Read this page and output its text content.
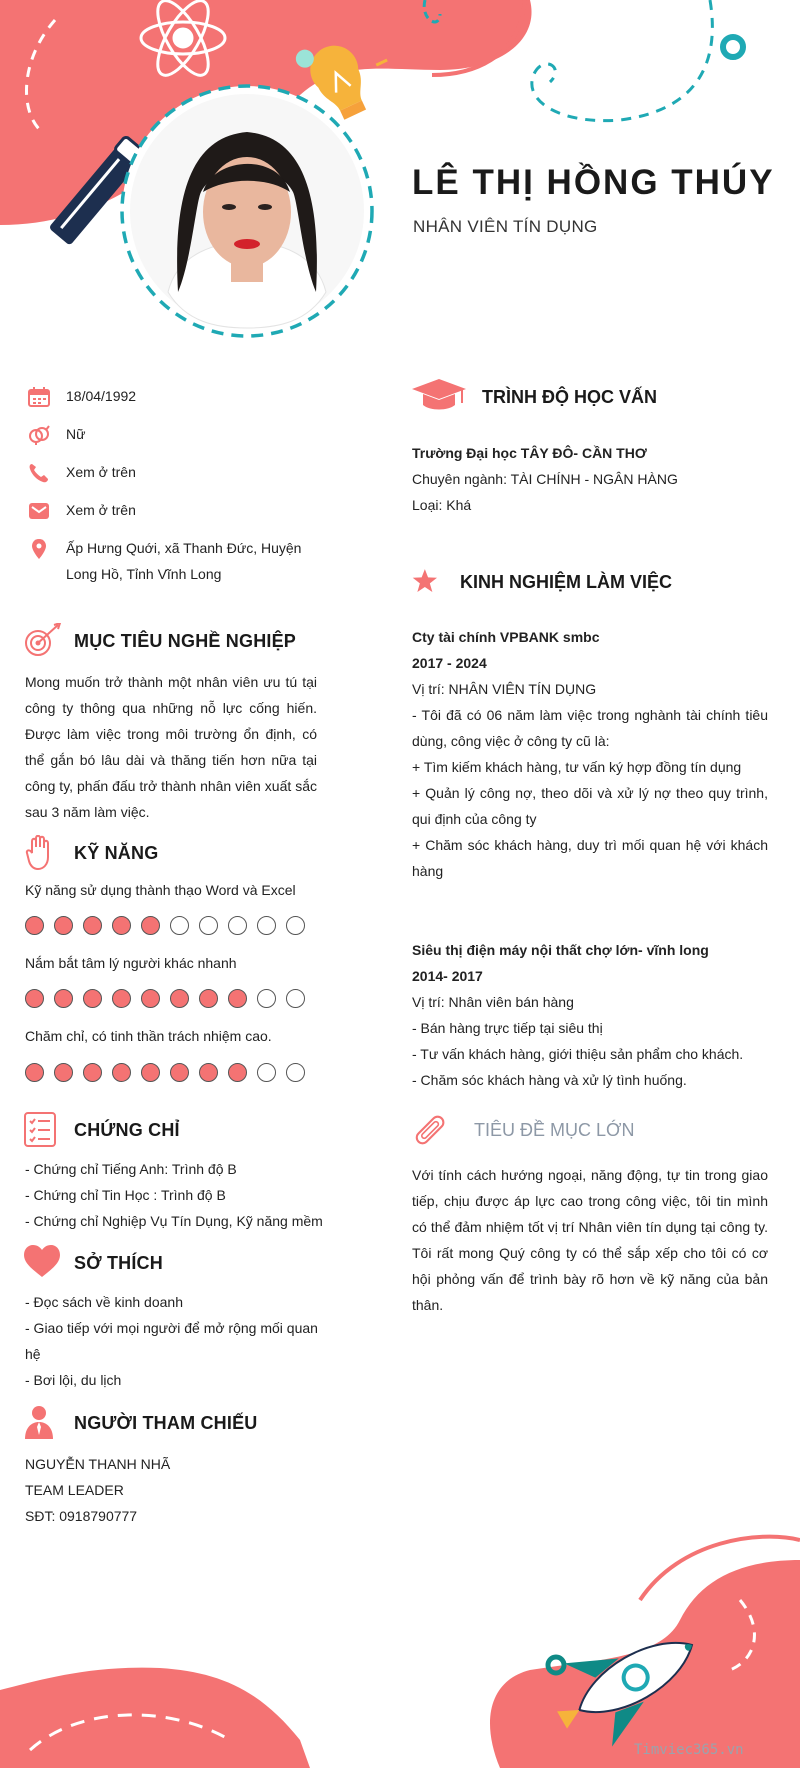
LÊ THỊ HỒNG THÚY
NHÂN VIÊN TÍN DỤNG
18/04/1992
Nữ
Xem ở trên
Xem ở trên
Ấp Hưng Quới, xã Thanh Đức, Huyện Long Hồ, Tỉnh Vĩnh Long
MỤC TIÊU NGHỀ NGHIỆP
Mong muốn trở thành một nhân viên ưu tú tại công ty thông qua những nỗ lực cống hiến. Được làm việc trong môi trường ổn định, có thể gắn bó lâu dài và thăng tiến hơn nữa tại công ty, phấn đấu trở thành nhân viên xuất sắc sau 3 năm làm việc.
KỸ NĂNG
Kỹ năng sử dụng thành thạo Word và Excel
Nắm bắt tâm lý người khác nhanh
Chăm chỉ, có tinh thần trách nhiệm cao.
CHỨNG CHỈ
- Chứng chỉ Tiếng Anh: Trình độ B
- Chứng chỉ Tin Học : Trình độ B
- Chứng chỉ Nghiệp Vụ Tín Dụng, Kỹ năng mềm
SỞ THÍCH
- Đọc sách về kinh doanh
- Giao tiếp với mọi người để mở rộng mối quan hệ
- Bơi lội, du lịch
NGƯỜI THAM CHIẾU
NGUYỄN THANH NHÃ
TEAM LEADER
SĐT: 0918790777
TRÌNH ĐỘ HỌC VẤN
Trường Đại học TÂY ĐÔ- CẦN THƠ
Chuyên ngành: TÀI CHÍNH - NGÂN HÀNG
Loại: Khá
KINH NGHIỆM LÀM VIỆC
Cty tài chính VPBANK smbc
2017 - 2024
Vị trí: NHÂN VIÊN TÍN DỤNG
- Tôi đã có 06 năm làm việc trong nghành tài chính tiêu dùng, công việc ở công ty cũ là:
+ Tìm kiếm khách hàng, tư vấn ký hợp đồng tín dụng
+ Quản lý công nợ, theo dõi và xử lý nợ theo quy trình, qui định của công ty
+ Chăm sóc khách hàng, duy trì mối quan hệ với khách hàng
Siêu thị điện máy nội thất chợ lớn- vĩnh long
2014- 2017
Vị trí: Nhân viên bán hàng
- Bán hàng trực tiếp tại siêu thị
- Tư vấn khách hàng, giới thiệu sản phẩm cho khách.
- Chăm sóc khách hàng và xử lý tình huống.
TIÊU ĐỀ MỤC LỚN
Với tính cách hướng ngoại, năng động, tự tin trong giao tiếp, chịu được áp lực cao trong công việc, tôi tin mình có thể đảm nhiệm tốt vị trí Nhân viên tín dụng tại công ty. Tôi rất mong Quý công ty có thể sắp xếp cho tôi có cơ hội phỏng vấn để trình bày rõ hơn về kỹ năng của bản thân.
Timviec365.vn
